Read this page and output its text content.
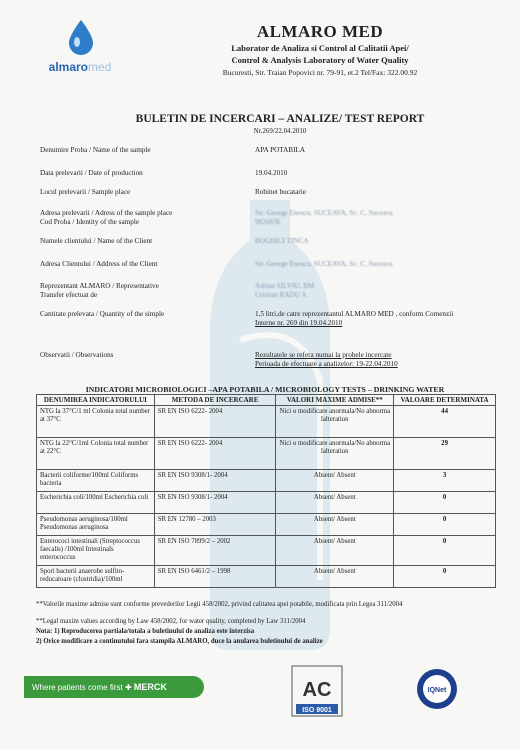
almaromed
ALMARO MED
Laborator de Analiza si Control al Calitatii Apei/
Control & Analysis Laboratory of Water Quality
Bucuresti, Str. Traian Popovici nr. 79-91, et.2 Tel/Fax: 322.00.92
BULETIN DE INCERCARI – ANALIZE/ TEST REPORT
Nr.269/22.04.2010
Denumire Proba / Name of the sample	APA POTABILA
Data prelevarii / Date of production	19.04.2010
Locul prelevarii / Sample place	Robinet bucatarie
Adresa prelevarii / Adress of the sample place	Str. George Enescu, SUCEAVA, Sc. C, Suceava
Cod Proba / Identity of the sample	9826836
Numele clientului / Name of the Client	BOGHICI TINCA
Adresa Clientului / Address of the Client	Str. George Enescu, SUCEAVA, Sc. C, Suceava
Reprezentant ALMARO / Representative	Adrian SILVIU, BM
Transfer efectuat de	Cristian RADU A
Cantitate prelevata / Quantity of the simple	1,5 litri,de catre reprezentantul ALMARO MED , conform Comenzii
Interne nr. 269 din 19.04.2010
Observatii / Observations	Rezultatele se refera numai la probele incercate
Perioada de efectuare a analizelor: 19-22.04.2010
INDICATORI MICROBIOLOGICI –APA POTABILA / MICROBIOLOGY TESTS – DRINKING WATER
DENUMIREA INDICATORULUI	METODA DE INCERCARE	VALORI MAXIME ADMISE**	VALOARE DETERMINATA
NTG la 37°C/1 ml Colonia total number at 37°C	SR EN ISO 6222- 2004	Nici o modificare anormala/No abnorma lalteration	44
NTG la 22°C/1ml Colonia total number at 22°C	SR EN ISO 6222- 2004	Nici o modificare anormala/No abnorma lalteration	29
Bacterii coliforme/100ml Coliforms bacteria	SR EN ISO 9308/1- 2004	Absent/ Absent	3
Escherichia coli/100ml Escherichia coli	SR EN ISO 9308/1- 2004	Absent/ Absent	0
Pseudomonas aeruginosa/100ml Pseudomonas aeruginosa	SR EN 12780 – 2003	Absent/ Absent	0
Enterococi intestinali (Streptococcus faecalis) /100ml Intestinals enterococcus	SR EN ISO 7899/2 – 2002	Absent/ Absent	0
Spori bacterii anaerobe sulfito-reducatoare (clostridia)/100ml	SR EN ISO 6461/2 – 1998	Absent/ Absent	0
**Valorile maxime admise sunt conforme prevederilor Legii 458/2002, privind calitatea apei potabile, modificata prin Legea 311/2004
**Legal maxim values according by Law 458/2002, for water quality, completed by Law 311/2004
Nota: 1) Reproducerea partiala/totala a buletinului de analiza este interzisa
2) Orice modificare a continutului fara stampila ALMARO, duce la anularea buletinului de analize
Where patients come first ✚ MERCK	AC
ISO 9001
IQNet
